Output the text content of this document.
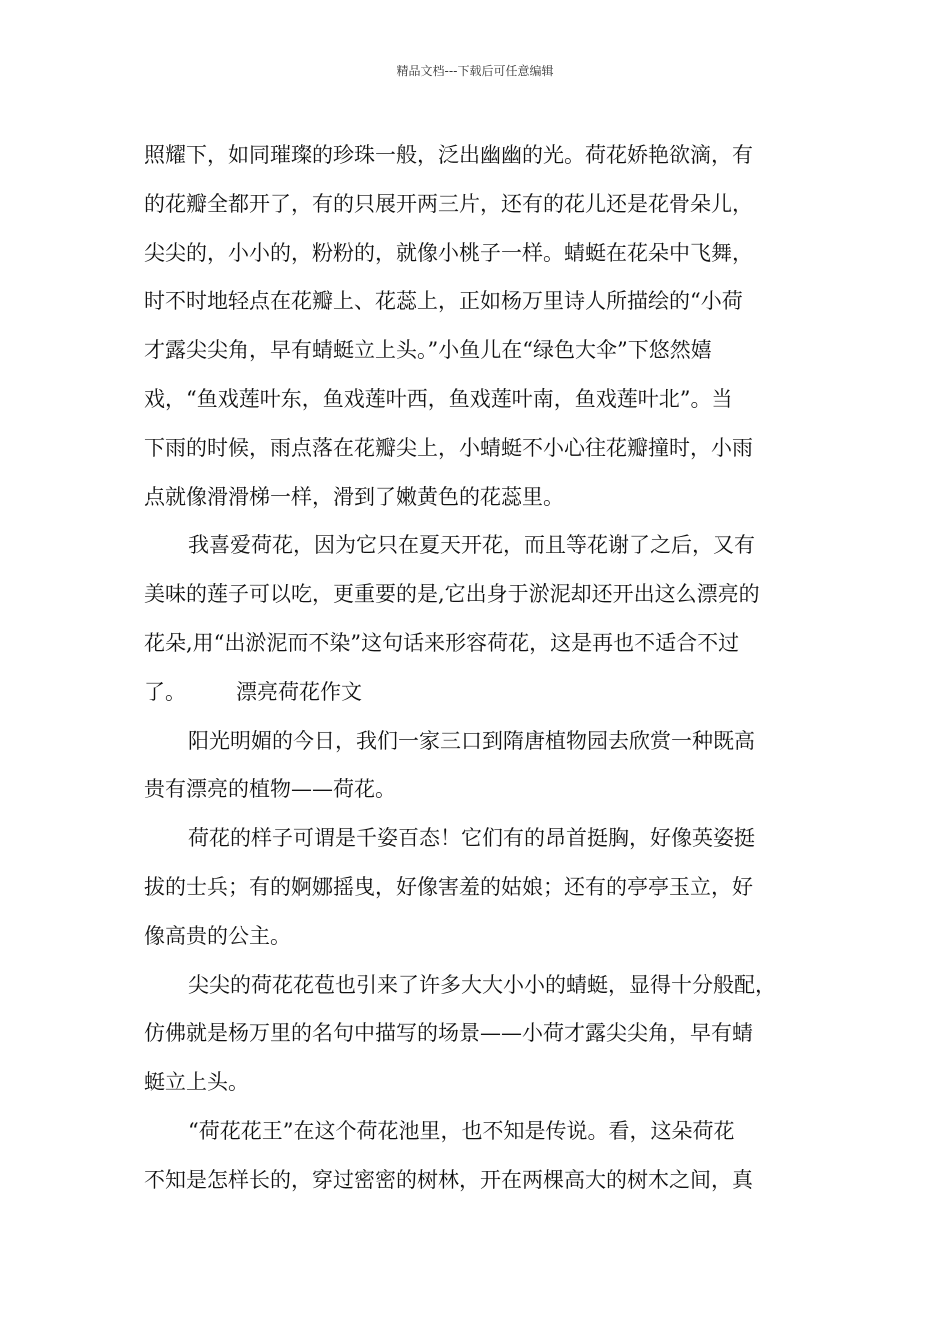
精品文档---下载后可任意编辑
照耀下，如同璀璨的珍珠一般，泛出幽幽的光。荷花娇艳欲滴，有
的花瓣全都开了，有的只展开两三片，还有的花儿还是花骨朵儿，
尖尖的，小小的，粉粉的，就像小桃子一样。蜻蜓在花朵中飞舞，
时不时地轻点在花瓣上、花蕊上，正如杨万里诗人所描绘的“小荷
才露尖尖角，早有蜻蜓立上头。”小鱼儿在“绿色大伞”下悠然嬉
戏，“鱼戏莲叶东，鱼戏莲叶西，鱼戏莲叶南，鱼戏莲叶北”。当
下雨的时候，雨点落在花瓣尖上，小蜻蜓不小心往花瓣撞时，小雨
点就像滑滑梯一样，滑到了嫩黄色的花蕊里。
我喜爱荷花，因为它只在夏天开花，而且等花谢了之后，又有
美味的莲子可以吃，更重要的是,它出身于淤泥却还开出这么漂亮的
花朵,用“出淤泥而不染”这句话来形容荷花，这是再也不适合不过
了。 漂亮荷花作文
阳光明媚的今日，我们一家三口到隋唐植物园去欣赏一种既高
贵有漂亮的植物——荷花。
荷花的样子可谓是千姿百态！它们有的昂首挺胸，好像英姿挺
拔的士兵；有的婀娜摇曳，好像害羞的姑娘；还有的亭亭玉立，好
像高贵的公主。
尖尖的荷花花苞也引来了许多大大小小的蜻蜓，显得十分般配，
仿佛就是杨万里的名句中描写的场景——小荷才露尖尖角，早有蜻
蜓立上头。
“荷花花王”在这个荷花池里，也不知是传说。看，这朵荷花
不知是怎样长的，穿过密密的树林，开在两棵高大的树木之间，真
